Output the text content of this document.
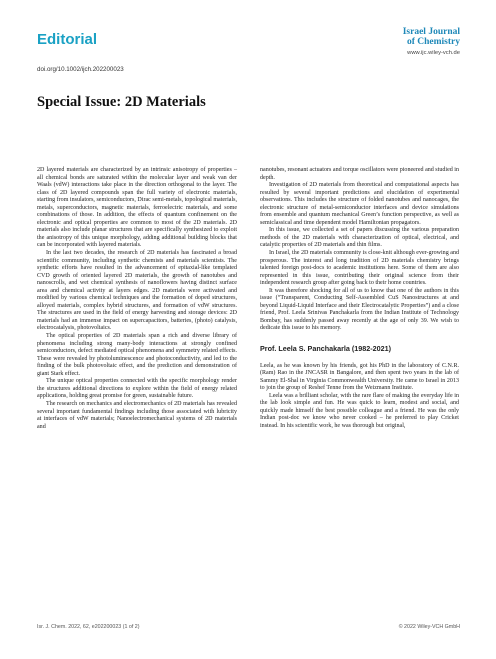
Editorial	Israel Journal
of Chemistry
www.ijc.wiley-vch.de
doi.org/10.1002/ijch.202200023
Special Issue: 2D Materials

2D layered materials are characterized by an intrinsic anisotropy of properties – all chemical bonds are saturated within the molecular layer and weak van der Waals (vdW) interactions take place in the direction orthogonal to the layer. The class of 2D layered compounds span the full variety of electronic materials, starting from insulators, semiconductors, Dirac semi-metals, topological materials, metals, superconductors, magnetic materials, ferroelectric materials, and some combinations of those. In addition, the effects of quantum confinement on the electronic and optical properties are common to most of the 2D materials. 2D materials also include planar structures that are specifically synthesized to exploit the anisotropy of this unique morphology, adding additional building blocks that can be incorporated with layered materials.

In the last two decades, the research of 2D materials has fascinated a broad scientific community, including synthetic chemists and materials scientists. The synthetic efforts have resulted in the advancement of epitaxial-like templated CVD growth of oriented layered 2D materials, the growth of nanotubes and nanoscrolls, and wet chemical synthesis of nanoflowers having distinct surface area and chemical activity at layers edges. 2D materials were activated and modified by various chemical techniques and the formation of doped structures, alloyed materials, complex hybrid structures, and formation of vdW structures. The structures are used in the field of energy harvesting and storage devices: 2D materials had an immense impact on supercapacitors, batteries, (photo) catalysis, electrocatalysis, photovoltaics.

The optical properties of 2D materials span a rich and diverse library of phenomena including strong many-body interactions at strongly confined semiconductors, defect mediated optical phenomena and symmetry related effects. These were revealed by photoluminescence and photoconductivity, and led to the finding of the bulk photovoltaic effect, and the prediction and demonstration of giant Stark effect.

The unique optical properties connected with the specific morphology render the structures additional directions to explore within the field of energy related applications, holding great promise for green, sustainable future.

The research on mechanics and electromechanics of 2D materials has revealed several important fundamental findings including those associated with lubricity at interfaces of vdW materials; Nanoelectromechanical systems of 2D materials and

nanotubes, resonant actuators and torque oscillators were pioneered and studied in depth.

Investigation of 2D materials from theoretical and computational aspects has resulted by several important predictions and elucidation of experimental observations. This includes the structure of folded nanotubes and nanocages, the electronic structure of metal-semiconductor interfaces and device simulations from ensemble and quantum mechanical Green’s function perspective, as well as semiclassical and time dependent model Hamiltonian propagators.

In this issue, we collected a set of papers discussing the various preparation methods of the 2D materials with characterization of optical, electrical, and catalytic properties of 2D materials and thin films.

In Israel, the 2D materials community is close-knit although ever-growing and prosperous. The interest and long tradition of 2D materials chemistry brings talented foreign post-docs to academic institutions here. Some of them are also represented in this issue, contributing their original science from their independent research group after going back to their home countries.

It was therefore shocking for all of us to know that one of the authors in this issue (“Transparent, Conducting Self-Assembled CuS Nanostructures at and beyond Liquid-Liquid Interface and their Electrocatalytic Properties”) and a close friend, Prof. Leela Srinivas Panchakarla from the Indian Institute of Technology Bombay, has suddenly passed away recently at the age of only 39. We wish to dedicate this issue to his memory.

Prof. Leela S. Panchakarla (1982-2021)

Leela, as he was known by his friends, got his PhD in the laboratory of C.N.R. (Ram) Rao in the JNCASR in Bangalore, and then spent two years in the lab of Sammy El-Shal in Virginia Commonwealth University. He came to Israel in 2013 to join the group of Reshef Tenne from the Weizmann Institute.

Leela was a brilliant scholar, with the rare flare of making the everyday life in the lab look simple and fun. He was quick to learn, modest and social, and quickly made himself the best possible colleague and a friend. He was the only Indian post-doc we know who never cooked – he preferred to play Cricket instead. In his scientific work, he was thorough but original,

Isr. J. Chem. 2022, 62, e202200023 (1 of 2)	© 2022 Wiley-VCH GmbH
